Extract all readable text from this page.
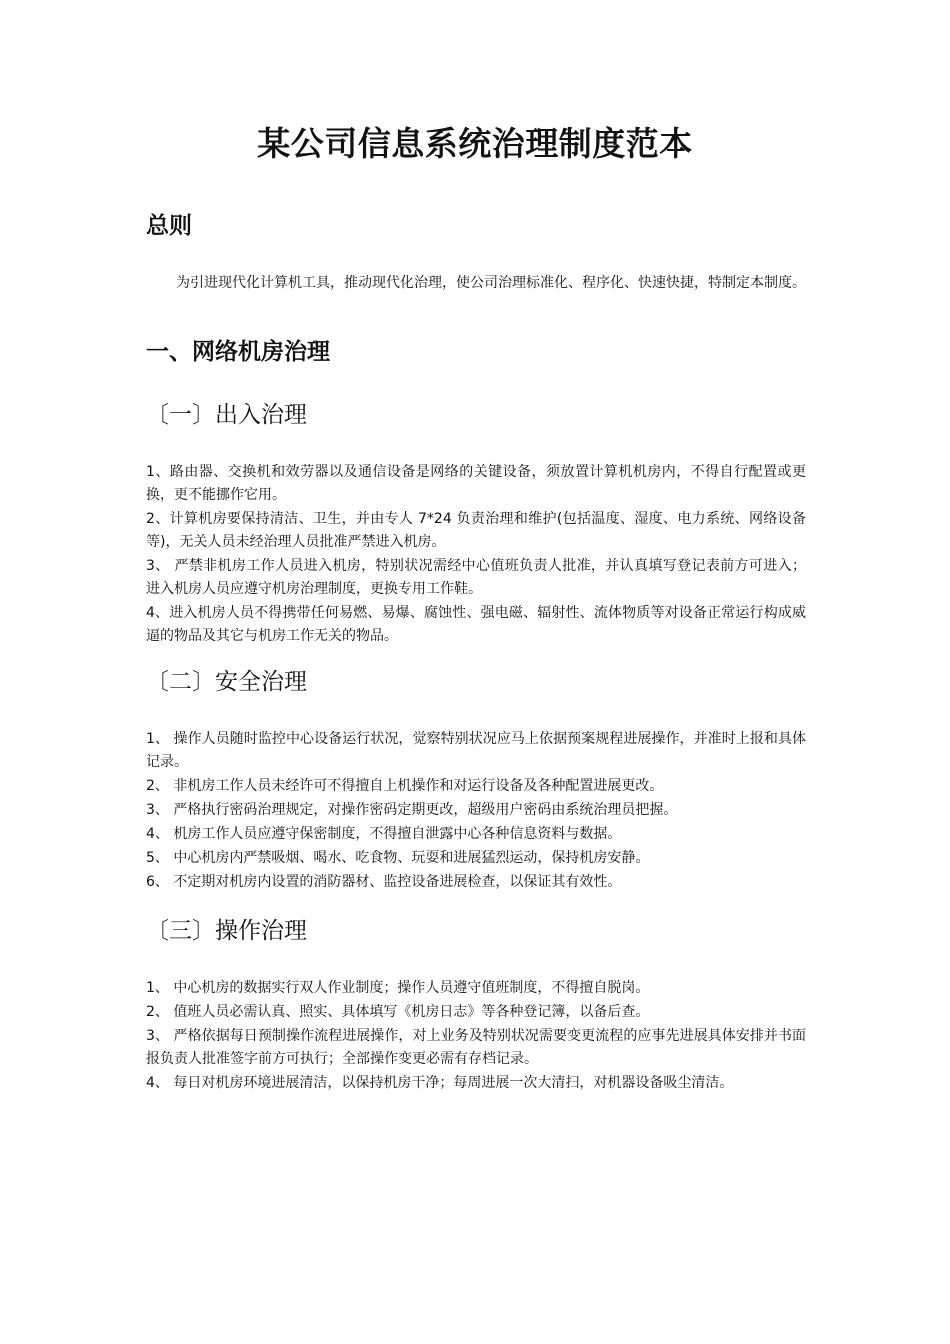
某公司信息系统治理制度范本
总则
为引进现代化计算机工具，推动现代化治理，使公司治理标准化、程序化、快速快捷，特制定本制度。
一、网络机房治理
〔一〕出入治理
1、路由器、交换机和效劳器以及通信设备是网络的关键设备，须放置计算机机房内，不得自行配置或更换，更不能挪作它用。
2、计算机房要保持清洁、卫生，并由专人 7*24 负责治理和维护(包括温度、湿度、电力系统、网络设备等)，无关人员未经治理人员批准严禁进入机房。
3、 严禁非机房工作人员进入机房，特别状况需经中心值班负责人批准，并认真填写登记表前方可进入； 进入机房人员应遵守机房治理制度，更换专用工作鞋。
4、进入机房人员不得携带任何易燃、易爆、腐蚀性、强电磁、辐射性、流体物质等对设备正常运行构成威逼的物品及其它与机房工作无关的物品。
〔二〕安全治理
1、 操作人员随时监控中心设备运行状况，觉察特别状况应马上依据预案规程进展操作，并准时上报和具体记录。
2、 非机房工作人员未经许可不得擅自上机操作和对运行设备及各种配置进展更改。
3、 严格执行密码治理规定，对操作密码定期更改，超级用户密码由系统治理员把握。
4、 机房工作人员应遵守保密制度，不得擅自泄露中心各种信息资料与数据。
5、 中心机房内严禁吸烟、喝水、吃食物、玩耍和进展猛烈运动，保持机房安静。
6、 不定期对机房内设置的消防器材、监控设备进展检查，以保证其有效性。
〔三〕操作治理
1、 中心机房的数据实行双人作业制度；操作人员遵守值班制度，不得擅自脱岗。
2、 值班人员必需认真、照实、具体填写《机房日志》等各种登记簿，以备后查。
3、 严格依据每日预制操作流程进展操作，对上业务及特别状况需要变更流程的应事先进展具体安排并书面报负责人批准签字前方可执行；全部操作变更必需有存档记录。
4、 每日对机房环境进展清洁，以保持机房干净；每周进展一次大清扫，对机器设备吸尘清洁。
